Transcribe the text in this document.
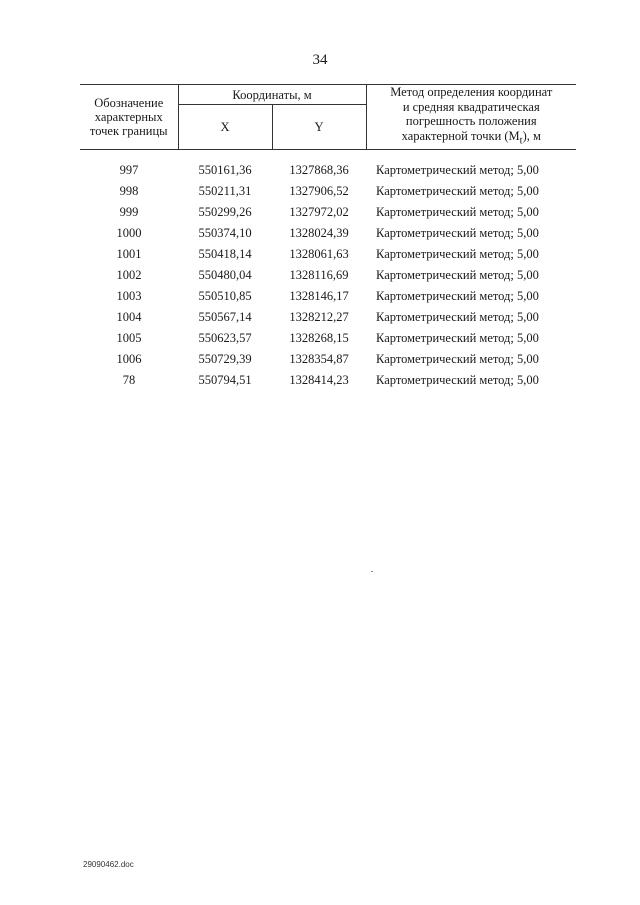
34
Обозначение характерных точек границы	Координаты, м		Метод определения координат
и средняя квадратическая
погрешность положения
характерной точки $(M_t)$, м
	X	Y	
997	550161,36	1327868,36	Картометрический метод; 5,00
998	550211,31	1327906,52	Картометрический метод; 5,00
999	550299,26	1327972,02	Картометрический метод; 5,00
1000	550374,10	1328024,39	Картометрический метод; 5,00
1001	550418,14	1328061,63	Картометрический метод; 5,00
1002	550480,04	1328116,69	Картометрический метод; 5,00
1003	550510,85	1328146,17	Картометрический метод; 5,00
1004	550567,14	1328212,27	Картометрический метод; 5,00
1005	550623,57	1328268,15	Картометрический метод; 5,00
1006	550729,39	1328354,87	Картометрический метод; 5,00
78	550794,51	1328414,23	Картометрический метод; 5,00
29090462.doc
